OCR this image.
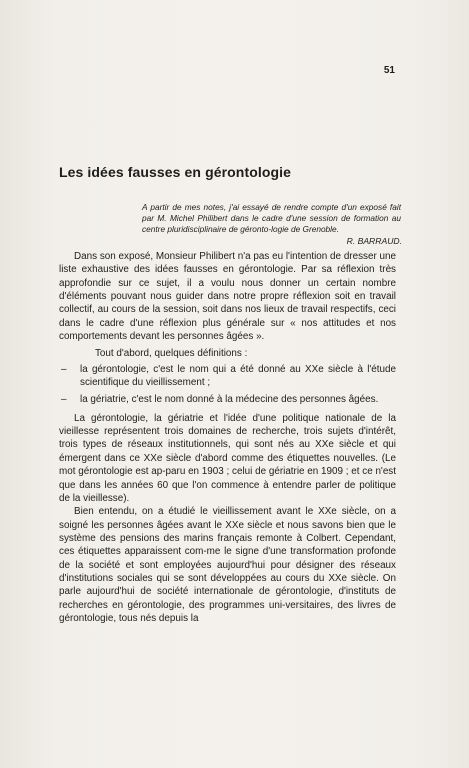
51
Les idées fausses en gérontologie

A partir de mes notes, j'ai essayé de rendre compte d'un exposé fait par M. Michel Philibert dans le cadre d'une session de formation au centre pluridisciplinaire de géronto-logie de Grenoble.

R. BARRAUD.

Dans son exposé, Monsieur Philibert n'a pas eu l'intention de dresser une liste exhaustive des idées fausses en gérontologie. Par sa réflexion très approfondie sur ce sujet, il a voulu nous donner un certain nombre d'éléments pouvant nous guider dans notre propre réflexion soit en travail collectif, au cours de la session, soit dans nos lieux de travail respectifs, ceci dans le cadre d'une réflexion plus générale sur « nos attitudes et nos comportements devant les personnes âgées ».

Tout d'abord, quelques définitions :

– la gérontologie, c'est le nom qui a été donné au XXe siècle à l'étude scientifique du vieillissement ;
– la gériatrie, c'est le nom donné à la médecine des personnes âgées.

La gérontologie, la gériatrie et l'idée d'une politique nationale de la vieillesse représentent trois domaines de recherche, trois sujets d'intérêt, trois types de réseaux institutionnels, qui sont nés au XXe siècle et qui émergent dans ce XXe siècle d'abord comme des étiquettes nouvelles. (Le mot gérontologie est ap-paru en 1903 ; celui de gériatrie en 1909 ; et ce n'est que dans les années 60 que l'on commence à entendre parler de politique de la vieillesse).

Bien entendu, on a étudié le vieillissement avant le XXe siècle, on a soigné les personnes âgées avant le XXe siècle et nous savons bien que le système des pensions des marins français remonte à Colbert. Cependant, ces étiquettes apparaissent com-me le signe d'une transformation profonde de la société et sont employées aujourd'hui pour désigner des réseaux d'institutions sociales qui se sont développées au cours du XXe siècle. On parle aujourd'hui de société internationale de gérontologie, d'instituts de recherches en gérontologie, des programmes uni-versitaires, des livres de gérontologie, tous nés depuis la
